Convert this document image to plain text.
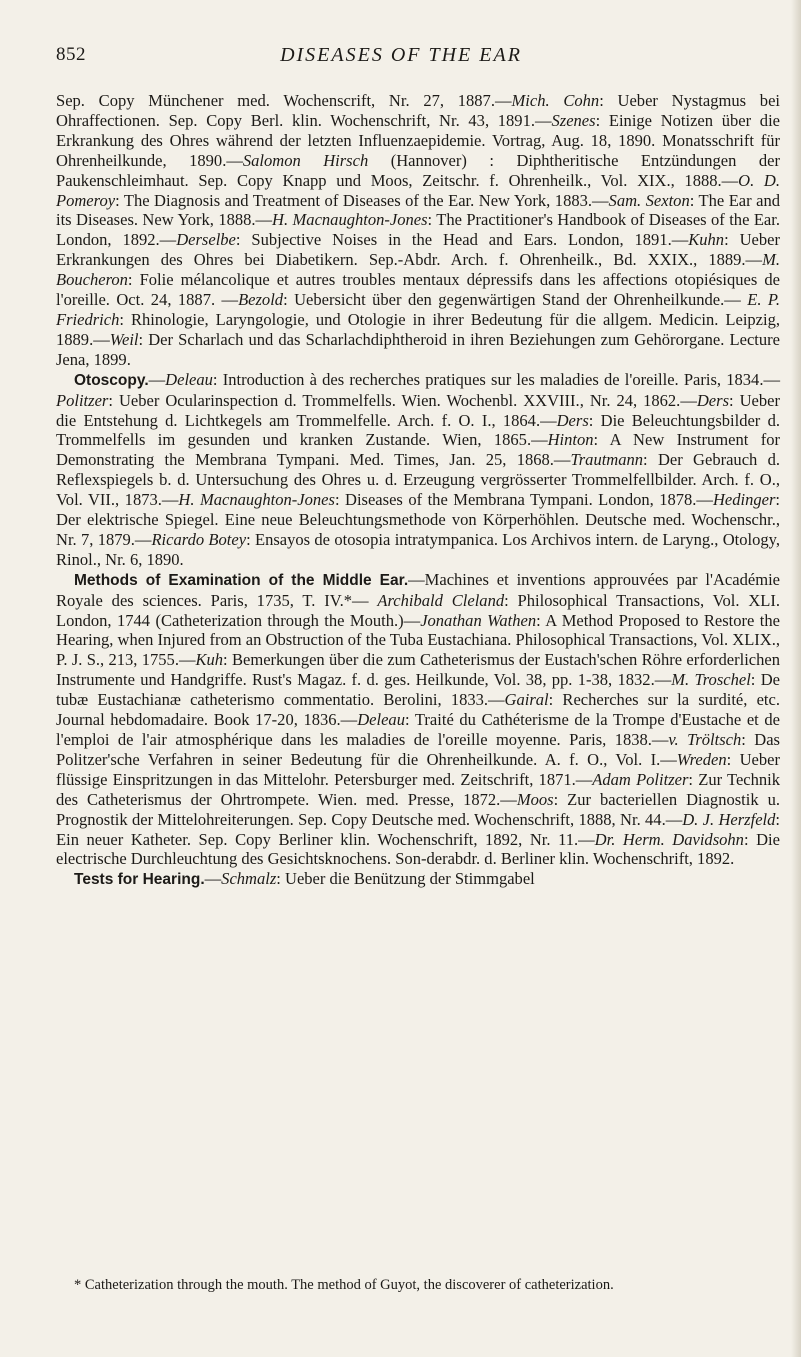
852	DISEASES OF THE EAR

Sep. Copy Münchener med. Wochenscrift, Nr. 27, 1887.—Mich. Cohn: Ueber Nystagmus bei Ohraffectionen. Sep. Copy Berl. klin. Wochenschrift, Nr. 43, 1891.—Szenes: Einige Notizen über die Erkrankung des Ohres während der letzten Influenzaepidemie. Vortrag, Aug. 18, 1890. Monatsschrift für Ohrenheilkunde, 1890.—Salomon Hirsch (Hannover) : Diphtheritische Entzündungen der Paukenschleimhaut. Sep. Copy Knapp und Moos, Zeitschr. f. Ohrenheilk., Vol. XIX., 1888.—O. D. Pomeroy: The Diagnosis and Treatment of Diseases of the Ear. New York, 1883.—Sam. Sexton: The Ear and its Diseases. New York, 1888.—H. Macnaughton-Jones: The Practitioner's Handbook of Diseases of the Ear. London, 1892.—Derselbe: Subjective Noises in the Head and Ears. London, 1891.—Kuhn: Ueber Erkrankungen des Ohres bei Diabetikern. Sep.-Abdr. Arch. f. Ohrenheilk., Bd. XXIX., 1889.—M. Boucheron: Folie mélancolique et autres troubles mentaux dépressifs dans les affections otopiésiques de l'oreille. Oct. 24, 1887. —Bezold: Uebersicht über den gegenwärtigen Stand der Ohrenheilkunde.— E. P. Friedrich: Rhinologie, Laryngologie, und Otologie in ihrer Bedeutung für die allgem. Medicin. Leipzig, 1889.—Weil: Der Scharlach und das Scharlachdiphtheroid in ihren Beziehungen zum Gehörorgane. Lecture Jena, 1899.

Otoscopy.—Deleau: Introduction à des recherches pratiques sur les maladies de l'oreille. Paris, 1834.—Politzer: Ueber Ocularinspection d. Trommelfells. Wien. Wochenbl. XXVIII., Nr. 24, 1862.—Ders: Ueber die Entstehung d. Lichtkegels am Trommelfelle. Arch. f. O. I., 1864.—Ders: Die Beleuchtungsbilder d. Trommelfells im gesunden und kranken Zustande. Wien, 1865.—Hinton: A New Instrument for Demonstrating the Membrana Tympani. Med. Times, Jan. 25, 1868.—Trautmann: Der Gebrauch d. Reflexspiegels b. d. Untersuchung des Ohres u. d. Erzeugung vergrösserter Trommelfellbilder. Arch. f. O., Vol. VII., 1873.—H. Macnaughton-Jones: Diseases of the Membrana Tympani. London, 1878.—Hedinger: Der elektrische Spiegel. Eine neue Beleuchtungsmethode von Körperhöhlen. Deutsche med. Wochenschr., Nr. 7, 1879.—Ricardo Botey: Ensayos de otosopia intratympanica. Los Archivos intern. de Laryng., Otology, Rinol., Nr. 6, 1890.

Methods of Examination of the Middle Ear.—Machines et inventions approuvées par l'Académie Royale des sciences. Paris, 1735, T. IV.*— Archibald Cleland: Philosophical Transactions, Vol. XLI. London, 1744 (Catheterization through the Mouth.)—Jonathan Wathen: A Method Proposed to Restore the Hearing, when Injured from an Obstruction of the Tuba Eustachiana. Philosophical Transactions, Vol. XLIX., P. J. S., 213, 1755.—Kuh: Bemerkungen über die zum Catheterismus der Eustach'schen Röhre erforderlichen Instrumente und Handgriffe. Rust's Magaz. f. d. ges. Heilkunde, Vol. 38, pp. 1-38, 1832.—M. Troschel: De tubæ Eustachianæ catheterismo commentatio. Berolini, 1833.—Gairal: Recherches sur la surdité, etc. Journal hebdomadaire. Book 17-20, 1836.—Deleau: Traité du Cathéterisme de la Trompe d'Eustache et de l'emploi de l'air atmosphérique dans les maladies de l'oreille moyenne. Paris, 1838.—v. Tröltsch: Das Politzer'sche Verfahren in seiner Bedeutung für die Ohrenheilkunde. A. f. O., Vol. I.—Wreden: Ueber flüssige Einspritzungen in das Mittelohr. Petersburger med. Zeitschrift, 1871.—Adam Politzer: Zur Technik des Catheterismus der Ohrtrompete. Wien. med. Presse, 1872.—Moos: Zur bacteriellen Diagnostik u. Prognostik der Mittelohreiterungen. Sep. Copy Deutsche med. Wochenschrift, 1888, Nr. 44.—D. J. Herzfeld: Ein neuer Katheter. Sep. Copy Berliner klin. Wochenschrift, 1892, Nr. 11.—Dr. Herm. Davidsohn: Die electrische Durchleuchtung des Gesichtsknochens. Son-derabdr. d. Berliner klin. Wochenschrift, 1892.

Tests for Hearing.—Schmalz: Ueber die Benützung der Stimmgabel

* Catheterization through the mouth. The method of Guyot, the discoverer of catheterization.
